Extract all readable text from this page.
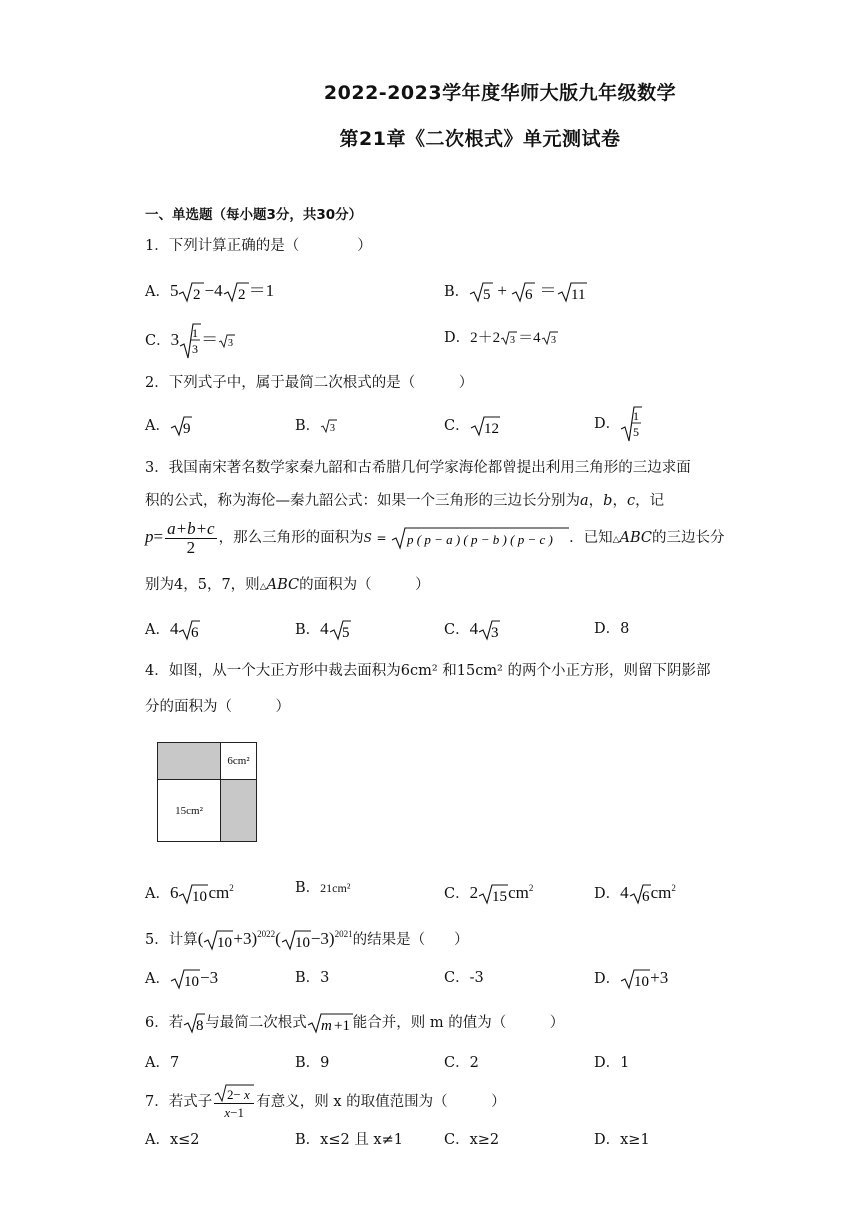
2022-2023学年度华师大版九年级数学
第21章《二次根式》单元测试卷
一、单选题（每小题3分，共30分）
1．下列计算正确的是（　　　　）
A．5 2 −4 2 ＝1	B． 5 + 6 ＝ 11
C．3 1
3 ＝ 3	D．2＋2 3 ＝4 3
2．下列式子中，属于最简二次根式的是（　　　）
A． 9	B． 3	C． 12	D． 1
5
3．我国南宋著名数学家秦九韶和古希腊几何学家海伦都曾提出利用三角形的三边求面
积的公式，称为海伦—秦九韶公式：如果一个三角形的三边长分别为a，b，c，记
$p= \frac{a+b+c}{2}$ ，那么三角形的面积为S = p ( p − a ) ( p − b ) ( p − c ) ．已知△ABC的三边长分
别为4，5，7，则△ABC的面积为（　　　）
A．4 6	B．4 5	C．4 3	D．8
4．如图，从一个大正方形中裁去面积为6cm² 和15cm² 的两个小正方形，则留下阴影部
分的面积为（　　　）
6cm²
15cm²
A．6 10 $cm^2$	B．21cm²	C．2 15 $cm^2$	D．4 6 $cm^2$
5．计算( 10 +3)$^{2022}$( 10 −3)$^{2021}$的结果是（　　）
A． 10 −3	B．3	C．-3	D． 10 +3
6．若 8 与最简二次根式 m +1 能合并，则 m 的值为（　　　）
A．7	B．9	C．2	D．1
7．若式子 $\frac{2- x}{x-1}$ 有意义，则 x 的取值范围为（　　　）
A．x≤2	B．x≤2 且 x≠1	C．x≥2	D．x≥1
